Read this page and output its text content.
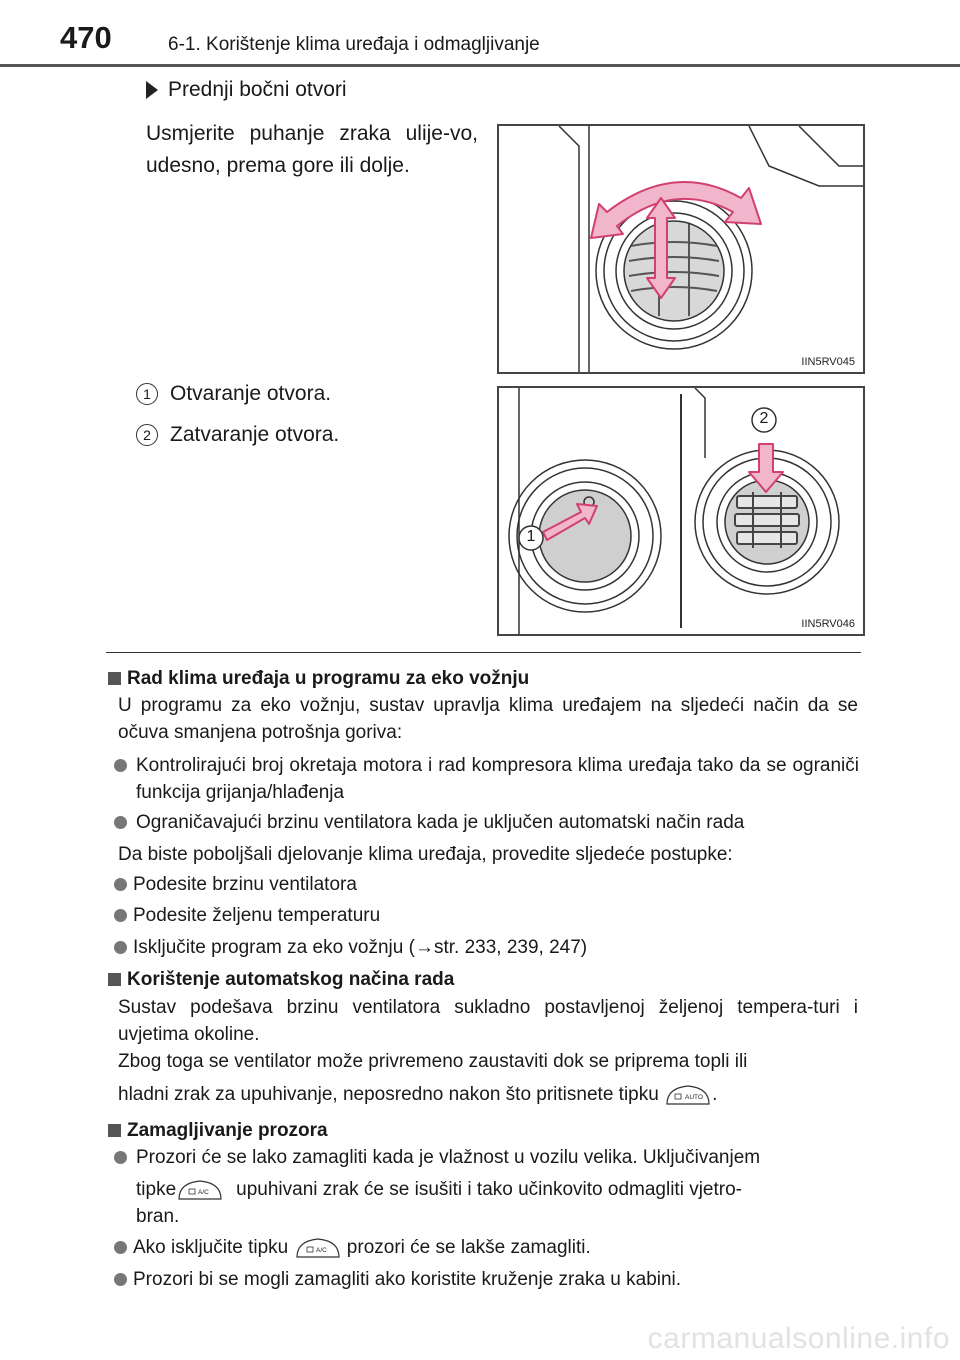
470	6-1. Korištenje klima uređaja i odmagljivanje
Prednji bočni otvori
Usmjerite puhanje zraka ulije-vo, udesno, prema gore ili dolje.
1 Otvaranje otvora.
2 Zatvaranje otvora.
IIN5RV045
1
2
IIN5RV046
Rad klima uređaja u programu za eko vožnju
U programu za eko vožnju, sustav upravlja klima uređajem na sljedeći način da se očuva smanjena potrošnja goriva:
Kontrolirajući broj okretaja motora i rad kompresora klima uređaja tako da se ograniči funkcija grijanja/hlađenja
Ograničavajući brzinu ventilatora kada je uključen automatski način rada
Da biste poboljšali djelovanje klima uređaja, provedite sljedeće postupke:
Podesite brzinu ventilatora
Podesite željenu temperaturu
Isključite program za eko vožnju (→str. 233, 239, 247)
Korištenje automatskog načina rada
Sustav podešava brzinu ventilatora sukladno postavljenoj željenoj tempera-turi i uvjetima okoline.
Zbog toga se ventilator može privremeno zaustaviti dok se priprema topli ili
hladni zrak za upuhivanje, neposredno nakon što pritisnete tipku	AUTO .
Zamagljivanje prozora
Prozori će se lako zamagliti kada je vlažnost u vozilu velika. Uključivanjem
tipke	A/C upuhivani zrak će se isušiti i tako učinkovito odmagliti vjetro-
bran.
Ako isključite tipku	A/C prozori će se lakše zamagliti.
Prozori bi se mogli zamagliti ako koristite kruženje zraka u kabini.
carmanualsonline.info
